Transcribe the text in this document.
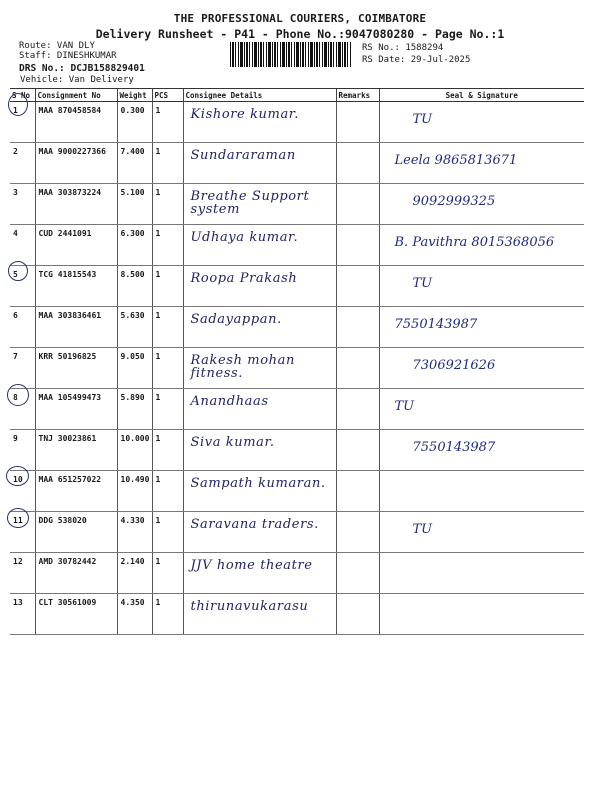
THE PROFESSIONAL COURIERS, COIMBATORE
Delivery Runsheet - P41 - Phone No.:9047080280 - Page No.:1
Route: VAN DLY
Staff: DINESHKUMAR
DRS No.: DCJB158829401
Vehicle: Van Delivery
RS No.: 1588294
RS Date: 29-Jul-2025
S No	Consignment No	Weight	PCS	Consignee Details	Remarks	Seal & Signature
1	MAA 870458584	0.300	1	Kishore kumar.		TU

2	MAA 9000227366	7.400	1	Sundararaman		Leela 9865813671

3	MAA 303873224	5.100	1	Breathe Support system		9092999325

4	CUD 2441091	6.300	1	Udhaya kumar.		B. Pavithra 8015368056

5	TCG 41815543	8.500	1	Roopa Prakash		TU

6	MAA 303836461	5.630	1	Sadayappan.		7550143987

7	KRR 50196825	9.050	1	Rakesh mohan fitness.		7306921626

8	MAA 105499473	5.890	1	Anandhaas		TU

9	TNJ 30023861	10.000	1	Siva kumar.		7550143987

10	MAA 651257022	10.490	1	Sampath kumaran.		

11	DDG 538020	4.330	1	Saravana traders.		TU

12	AMD 30782442	2.140	1	JJV home theatre		

13	CLT 30561009	4.350	1	thirunavukarasu		
